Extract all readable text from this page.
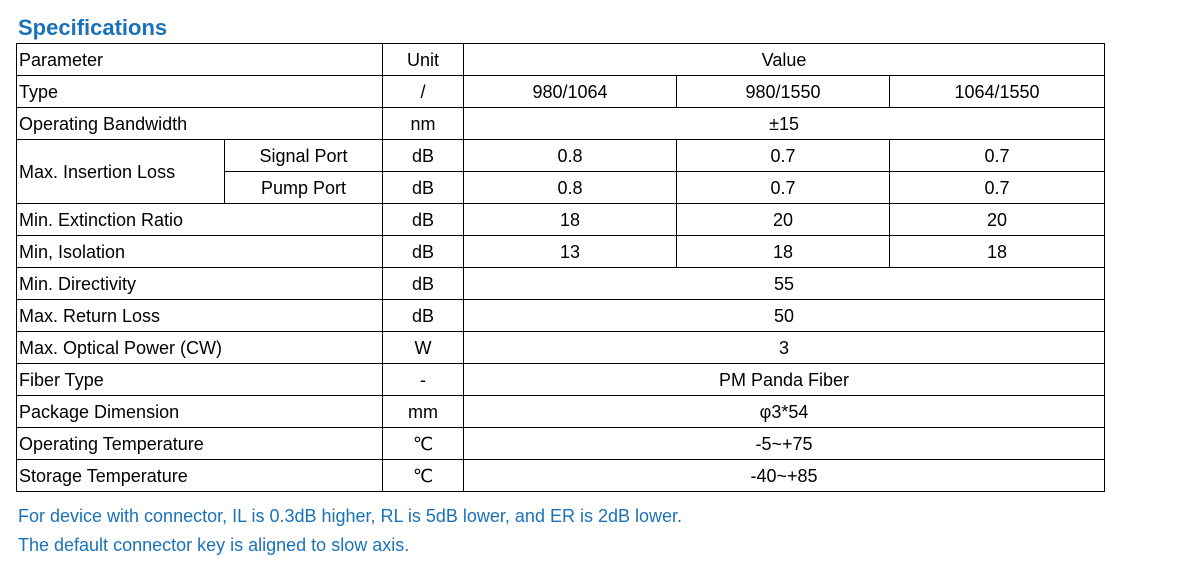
Specifications
Parameter		Unit	Value		
Type		/	980/1064	980/1550	1064/1550
Operating Bandwidth		nm	±15		
Max. Insertion Loss	Signal Port	dB	0.8	0.7	0.7
	Pump Port	dB	0.8	0.7	0.7
Min. Extinction Ratio		dB	18	20	20
Min, Isolation		dB	13	18	18
Min. Directivity		dB	55		
Max. Return Loss		dB	50		
Max. Optical Power (CW)		W	3		
Fiber Type		-	PM Panda Fiber		
Package Dimension		mm	φ3*54		
Operating Temperature		℃	-5~+75		
Storage Temperature		℃	-40~+85		
For device with connector, IL is 0.3dB higher, RL is 5dB lower, and ER is 2dB lower.
The default connector key is aligned to slow axis.
